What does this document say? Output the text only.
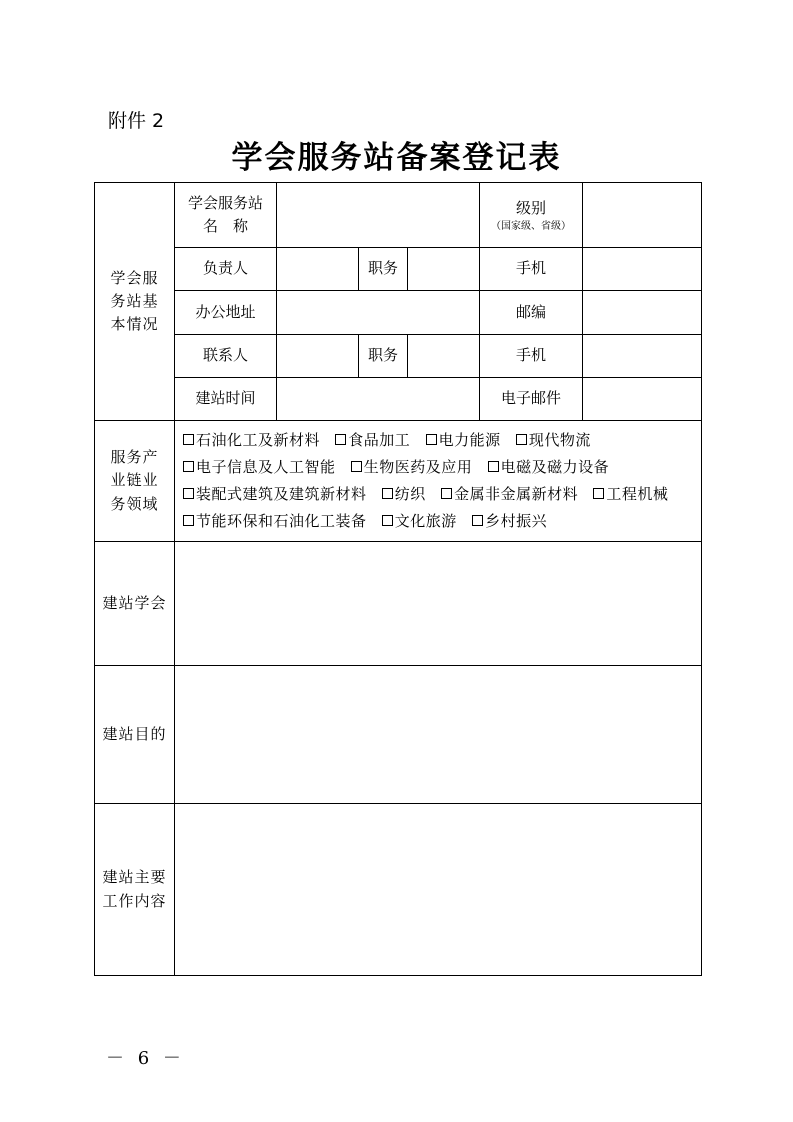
附件 2
学会服务站备案登记表
学会服务站基本情况	学会服务站
名　称				级别
（国家级、省级）	

	负责人		职务		手机	
	办公地址				邮编	
	联系人		职务		手机	
	建站时间				电子邮件	

服务产业链业务领域	石油化工及新材料 食品加工 电力能源 现代物流 电子信息及人工智能 生物医药及应用 电磁及磁力设备 装配式建筑及建筑新材料 纺织 金属非金属新材料 工程机械 节能环保和石油化工装备 文化旅游 乡村振兴					
建站学会						
建站目的						

建站主要工作内容						

－ 6 －
